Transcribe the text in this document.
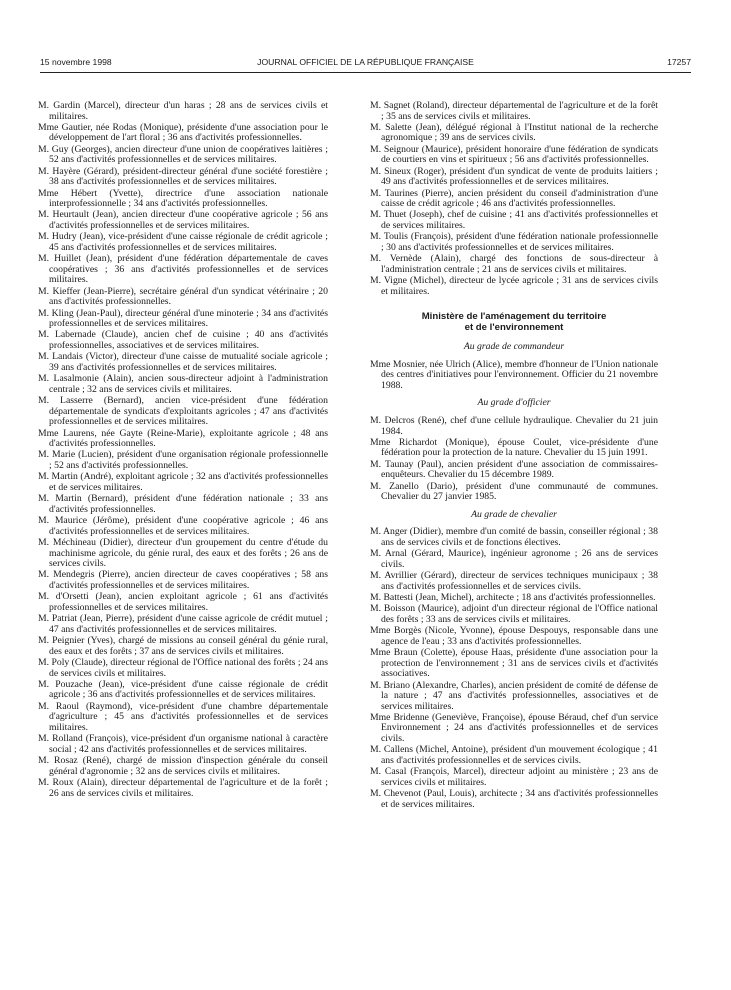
15 novembre 1998	JOURNAL OFFICIEL DE LA RÉPUBLIQUE FRANÇAISE	17257

M. Gardin (Marcel), directeur d'un haras ; 28 ans de services civils et militaires.

Mme Gautier, née Rodas (Monique), présidente d'une association pour le développement de l'art floral ; 36 ans d'activités professionnelles.

M. Guy (Georges), ancien directeur d'une union de coopératives laitières ; 52 ans d'activités professionnelles et de services militaires.

M. Hayère (Gérard), président-directeur général d'une société forestière ; 38 ans d'activités professionnelles et de services militaires.

Mme Hébert (Yvette), directrice d'une association nationale interprofessionnelle ; 34 ans d'activités professionnelles.

M. Heurtault (Jean), ancien directeur d'une coopérative agricole ; 56 ans d'activités professionnelles et de services militaires.

M. Hudry (Jean), vice-président d'une caisse régionale de crédit agricole ; 45 ans d'activités professionnelles et de services militaires.

M. Huillet (Jean), président d'une fédération départementale de caves coopératives ; 36 ans d'activités professionnelles et de services militaires.

M. Kieffer (Jean-Pierre), secrétaire général d'un syndicat vétérinaire ; 20 ans d'activités professionnelles.

M. Kling (Jean-Paul), directeur général d'une minoterie ; 34 ans d'activités professionnelles et de services militaires.

M. Labernade (Claude), ancien chef de cuisine ; 40 ans d'activités professionnelles, associatives et de services militaires.

M. Landais (Victor), directeur d'une caisse de mutualité sociale agricole ; 39 ans d'activités professionnelles et de services militaires.

M. Lasalmonie (Alain), ancien sous-directeur adjoint à l'administration centrale ; 32 ans de services civils et militaires.

M. Lasserre (Bernard), ancien vice-président d'une fédération départementale de syndicats d'exploitants agricoles ; 47 ans d'activités professionnelles et de services militaires.

Mme Laurens, née Gayte (Reine-Marie), exploitante agricole ; 48 ans d'activités professionnelles.

M. Marie (Lucien), président d'une organisation régionale professionnelle ; 52 ans d'activités professionnelles.

M. Martin (André), exploitant agricole ; 32 ans d'activités professionnelles et de services militaires.

M. Martin (Bernard), président d'une fédération nationale ; 33 ans d'activités professionnelles.

M. Maurice (Jérôme), président d'une coopérative agricole ; 46 ans d'activités professionnelles et de services militaires.

M. Méchineau (Didier), directeur d'un groupement du centre d'étude du machinisme agricole, du génie rural, des eaux et des forêts ; 26 ans de services civils.

M. Mendegris (Pierre), ancien directeur de caves coopératives ; 58 ans d'activités professionnelles et de services militaires.

M. d'Orsetti (Jean), ancien exploitant agricole ; 61 ans d'activités professionnelles et de services militaires.

M. Patriat (Jean, Pierre), président d'une caisse agricole de crédit mutuel ; 47 ans d'activités professionnelles et de services militaires.

M. Peignier (Yves), chargé de missions au conseil général du génie rural, des eaux et des forêts ; 37 ans de services civils et militaires.

M. Poly (Claude), directeur régional de l'Office national des forêts ; 24 ans de services civils et militaires.

M. Pouzache (Jean), vice-président d'une caisse régionale de crédit agricole ; 36 ans d'activités professionnelles et de services militaires.

M. Raoul (Raymond), vice-président d'une chambre départementale d'agriculture ; 45 ans d'activités professionnelles et de services militaires.

M. Rolland (François), vice-président d'un organisme national à caractère social ; 42 ans d'activités professionnelles et de services militaires.

M. Rosaz (René), chargé de mission d'inspection générale du conseil général d'agronomie ; 32 ans de services civils et militaires.

M. Roux (Alain), directeur départemental de l'agriculture et de la forêt ; 26 ans de services civils et militaires.

M. Sagnet (Roland), directeur départemental de l'agriculture et de la forêt ; 35 ans de services civils et militaires.

M. Salette (Jean), délégué régional à l'Institut national de la recherche agronomique ; 39 ans de services civils.

M. Seignour (Maurice), président honoraire d'une fédération de syndicats de courtiers en vins et spiritueux ; 56 ans d'activités professionnelles.

M. Sineux (Roger), président d'un syndicat de vente de produits laitiers ; 49 ans d'activités professionnelles et de services militaires.

M. Taurines (Pierre), ancien président du conseil d'administration d'une caisse de crédit agricole ; 46 ans d'activités professionnelles.

M. Thuet (Joseph), chef de cuisine ; 41 ans d'activités professionnelles et de services militaires.

M. Toulis (François), président d'une fédération nationale professionnelle ; 30 ans d'activités professionnelles et de services militaires.

M. Vernède (Alain), chargé des fonctions de sous-directeur à l'administration centrale ; 21 ans de services civils et militaires.

M. Vigne (Michel), directeur de lycée agricole ; 31 ans de services civils et militaires.

Ministère de l'aménagement du territoire
et de l'environnement
Au grade de commandeur

Mme Mosnier, née Ulrich (Alice), membre d'honneur de l'Union nationale des centres d'initiatives pour l'environnement. Officier du 21 novembre 1988.

Au grade d'officier

M. Delcros (René), chef d'une cellule hydraulique. Chevalier du 21 juin 1984.

Mme Richardot (Monique), épouse Coulet, vice-présidente d'une fédération pour la protection de la nature. Chevalier du 15 juin 1991.

M. Taunay (Paul), ancien président d'une association de commissaires-enquêteurs. Chevalier du 15 décembre 1989.

M. Zanello (Dario), président d'une communauté de communes. Chevalier du 27 janvier 1985.

Au grade de chevalier

M. Anger (Didier), membre d'un comité de bassin, conseiller régional ; 38 ans de services civils et de fonctions électives.

M. Arnal (Gérard, Maurice), ingénieur agronome ; 26 ans de services civils.

M. Avrillier (Gérard), directeur de services techniques municipaux ; 38 ans d'activités professionnelles et de services civils.

M. Battesti (Jean, Michel), architecte ; 18 ans d'activités professionnelles.

M. Boisson (Maurice), adjoint d'un directeur régional de l'Office national des forêts ; 33 ans de services civils et militaires.

Mme Borgès (Nicole, Yvonne), épouse Despouys, responsable dans une agence de l'eau ; 33 ans d'activités professionnelles.

Mme Braun (Colette), épouse Haas, présidente d'une association pour la protection de l'environnement ; 31 ans de services civils et d'activités associatives.

M. Briano (Alexandre, Charles), ancien président de comité de défense de la nature ; 47 ans d'activités professionnelles, associatives et de services militaires.

Mme Bridenne (Geneviève, Françoise), épouse Béraud, chef d'un service Environnement ; 24 ans d'activités professionnelles et de services civils.

M. Callens (Michel, Antoine), président d'un mouvement écologique ; 41 ans d'activités professionnelles et de services civils.

M. Casal (François, Marcel), directeur adjoint au ministère ; 23 ans de services civils et militaires.

M. Chevenot (Paul, Louis), architecte ; 34 ans d'activités professionnelles et de services militaires.
